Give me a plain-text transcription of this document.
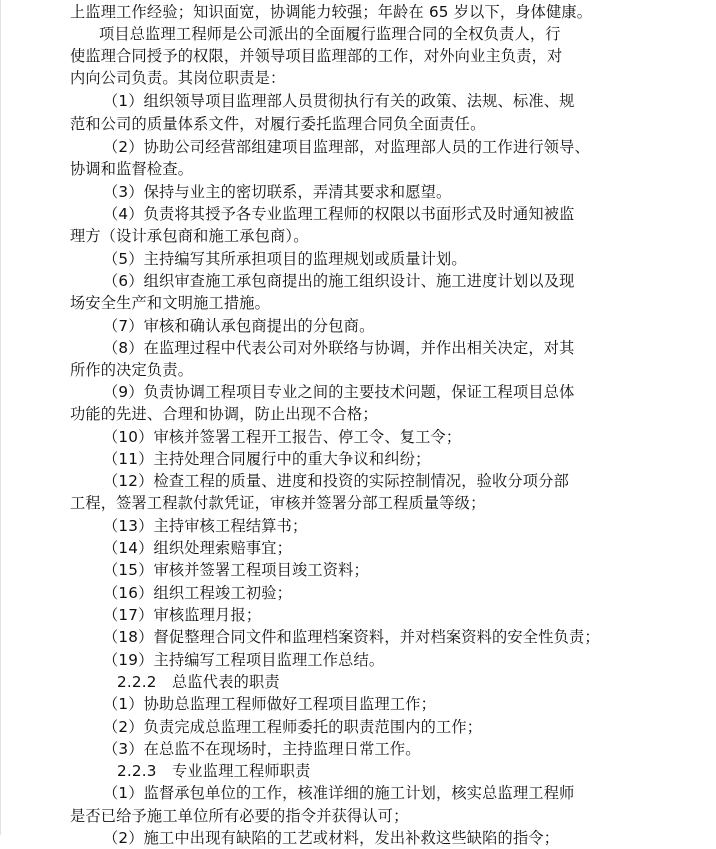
上监理工作经验；知识面宽，协调能力较强；年龄在 65 岁以下，身体健康。
项目总监理工程师是公司派出的全面履行监理合同的全权负责人，行
使监理合同授予的权限，并领导项目监理部的工作，对外向业主负责，对
内向公司负责。其岗位职责是：
（1）组织领导项目监理部人员贯彻执行有关的政策、法规、标准、规
范和公司的质量体系文件，对履行委托监理合同负全面责任。
（2）协助公司经营部组建项目监理部，对监理部人员的工作进行领导、
协调和监督检查。
（3）保持与业主的密切联系，弄清其要求和愿望。
（4）负责将其授予各专业监理工程师的权限以书面形式及时通知被监
理方（设计承包商和施工承包商）。
（5）主持编写其所承担项目的监理规划或质量计划。
（6）组织审查施工承包商提出的施工组织设计、施工进度计划以及现
场安全生产和文明施工措施。
（7）审核和确认承包商提出的分包商。
（8）在监理过程中代表公司对外联络与协调，并作出相关决定，对其
所作的决定负责。
（9）负责协调工程项目专业之间的主要技术问题，保证工程项目总体
功能的先进、合理和协调，防止出现不合格；
（10）审核并签署工程开工报告、停工令、复工令；
（11）主持处理合同履行中的重大争议和纠纷；
（12）检查工程的质量、进度和投资的实际控制情况，验收分项分部
工程，签署工程款付款凭证，审核并签署分部工程质量等级；
（13）主持审核工程结算书；
（14）组织处理索赔事宜；
（15）审核并签署工程项目竣工资料；
（16）组织工程竣工初验；
（17）审核监理月报；
（18）督促整理合同文件和监理档案资料，并对档案资料的安全性负责；
（19）主持编写工程项目监理工作总结。
2.2.2　总监代表的职责
（1）协助总监理工程师做好工程项目监理工作；
（2）负责完成总监理工程师委托的职责范围内的工作；
（3）在总监不在现场时，主持监理日常工作。
2.2.3　专业监理工程师职责
（1）监督承包单位的工作，核准详细的施工计划，核实总监理工程师
是否已给予施工单位所有必要的指令并获得认可；
（2）施工中出现有缺陷的工艺或材料，发出补救这些缺陷的指令；
